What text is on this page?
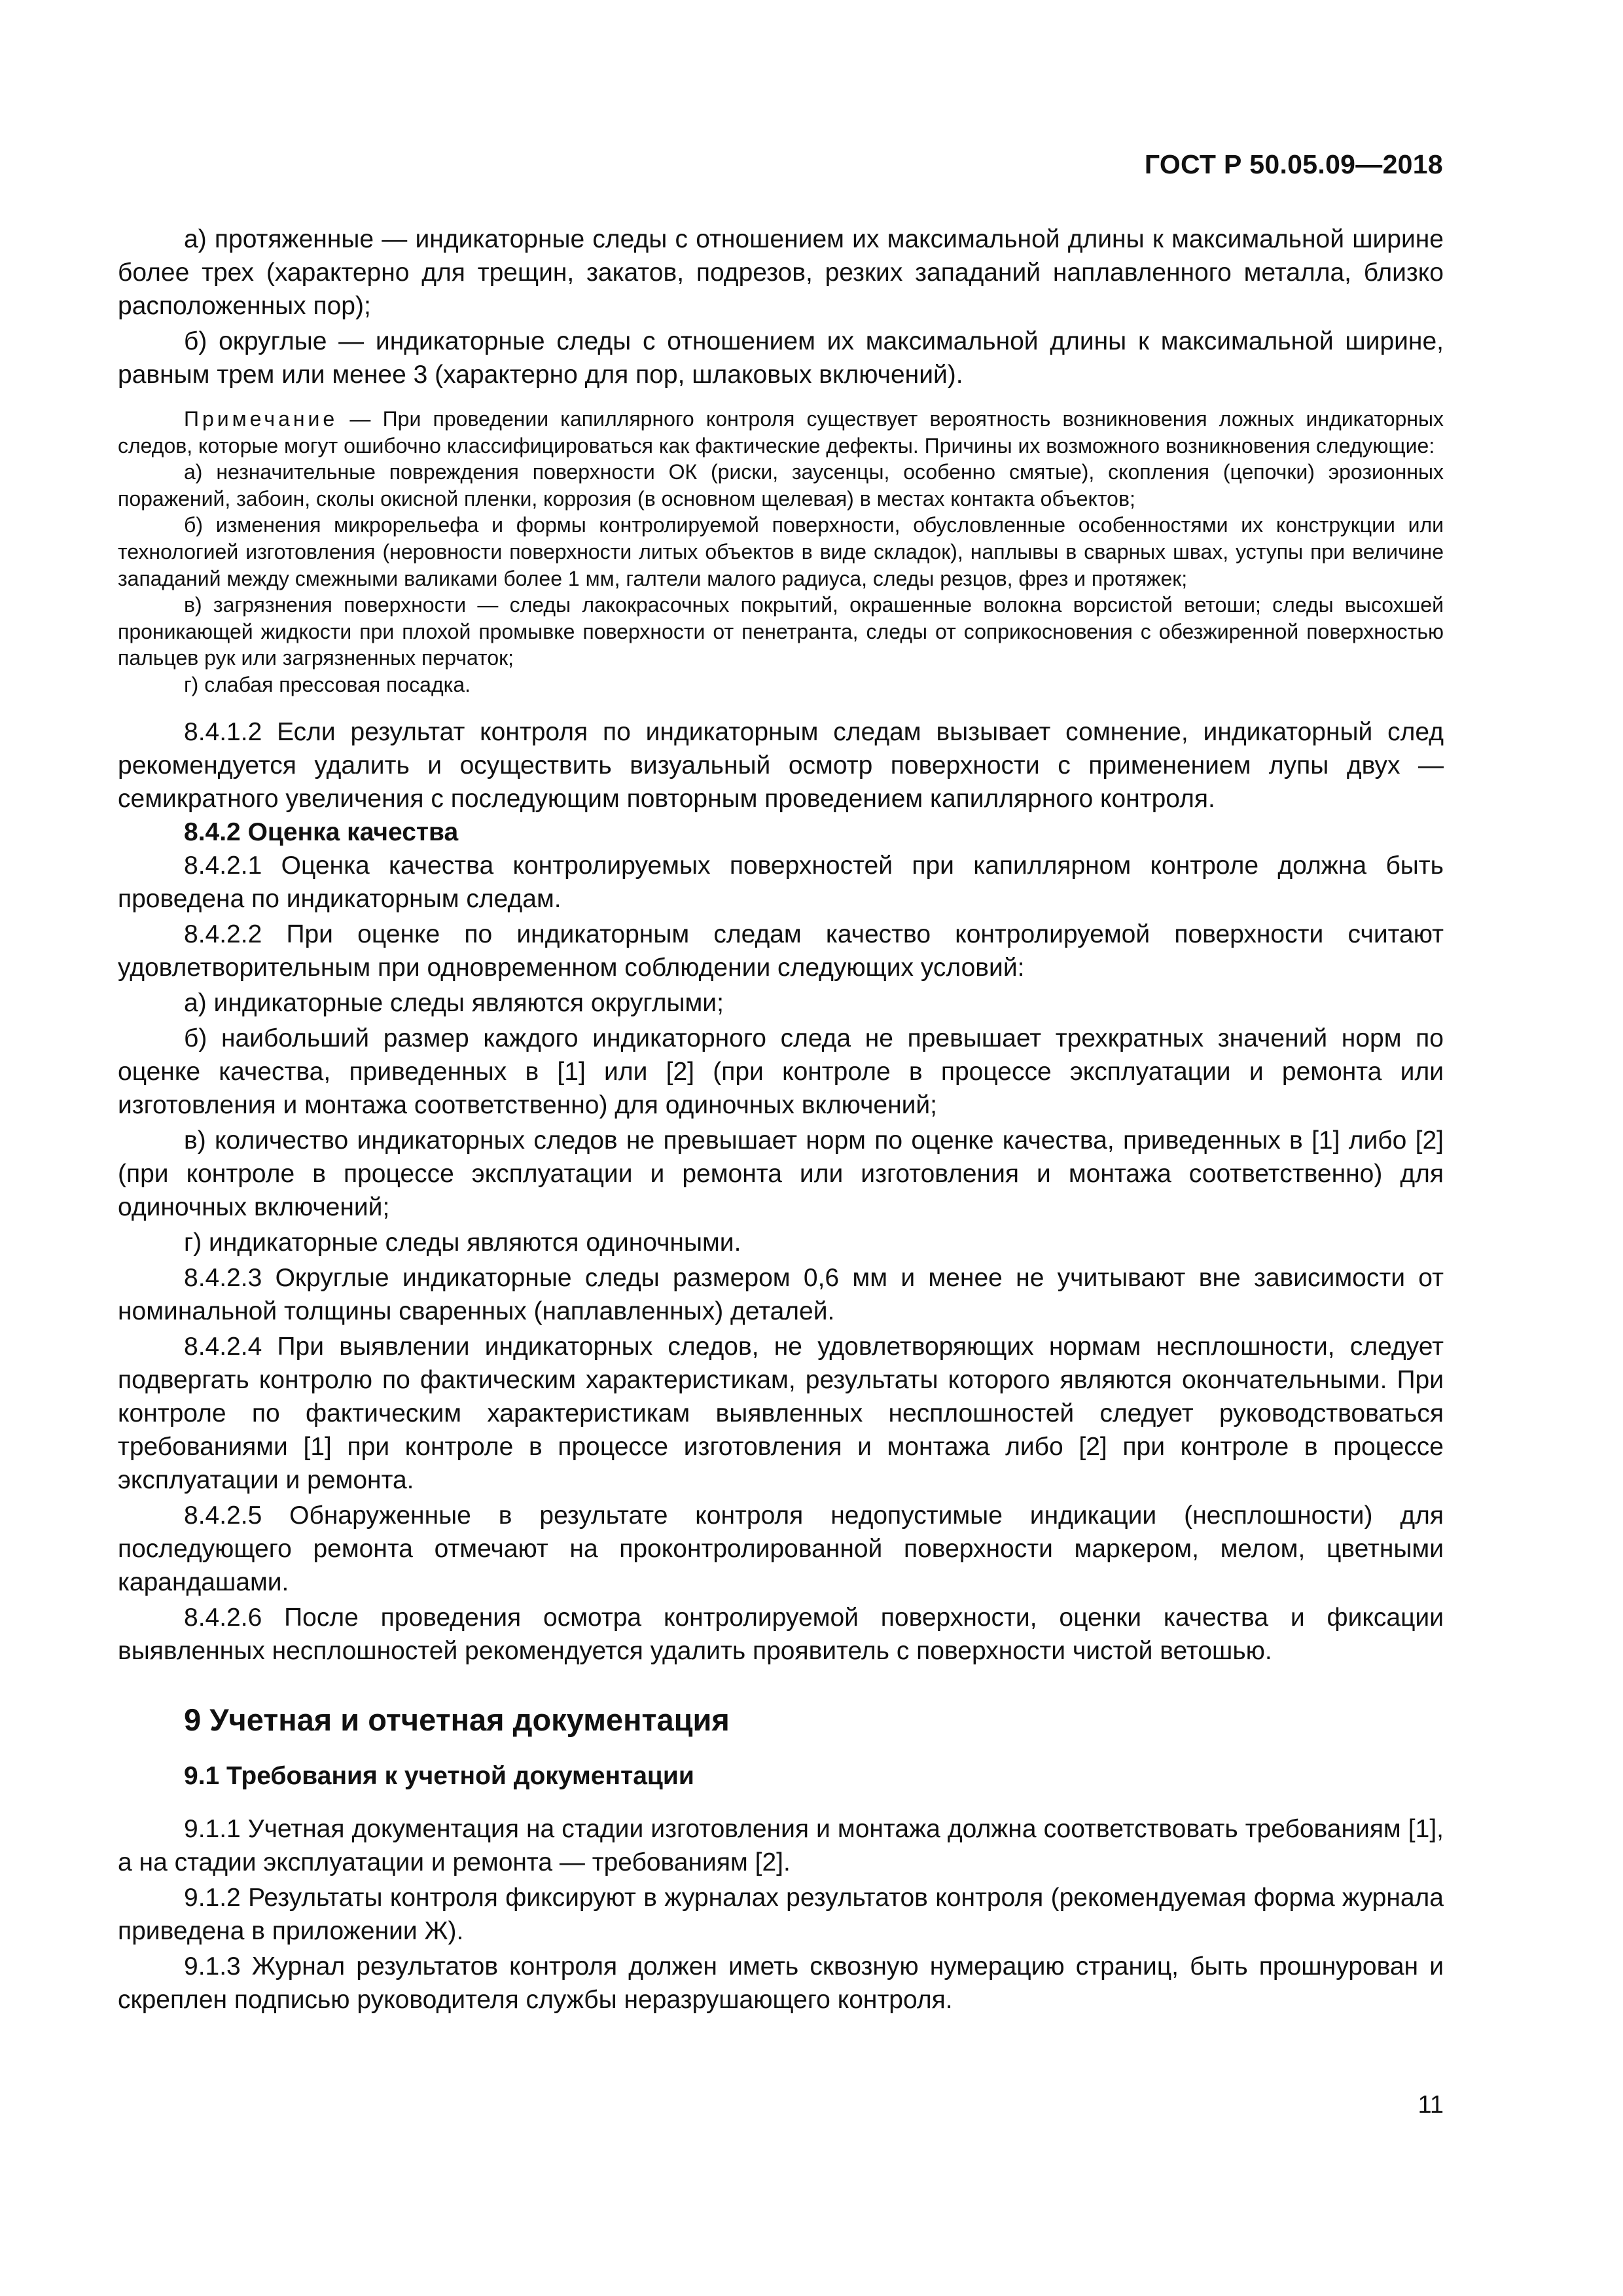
ГОСТ Р 50.05.09—2018

а) протяженные — индикаторные следы с отношением их максимальной длины к максимальной ширине более трех (характерно для трещин, закатов, подрезов, резких западаний наплавленного металла, близко расположенных пор);

б) округлые — индикаторные следы с отношением их максимальной длины к максимальной ширине, равным трем или менее 3 (характерно для пор, шлаковых включений).

Примечание — При проведении капиллярного контроля существует вероятность возникновения ложных индикаторных следов, которые могут ошибочно классифицироваться как фактические дефекты. Причины их возможного возникновения следующие:

а) незначительные повреждения поверхности ОК (риски, заусенцы, особенно смятые), скопления (цепочки) эрозионных поражений, забоин, сколы окисной пленки, коррозия (в основном щелевая) в местах контакта объектов;

б) изменения микрорельефа и формы контролируемой поверхности, обусловленные особенностями их конструкции или технологией изготовления (неровности поверхности литых объектов в виде складок), наплывы в сварных швах, уступы при величине западаний между смежными валиками более 1 мм, галтели малого радиуса, следы резцов, фрез и протяжек;

в) загрязнения поверхности — следы лакокрасочных покрытий, окрашенные волокна ворсистой ветоши; следы высохшей проникающей жидкости при плохой промывке поверхности от пенетранта, следы от соприкосновения с обезжиренной поверхностью пальцев рук или загрязненных перчаток;

г) слабая прессовая посадка.

8.4.1.2 Если результат контроля по индикаторным следам вызывает сомнение, индикаторный след рекомендуется удалить и осуществить визуальный осмотр поверхности с применением лупы двух — семикратного увеличения с последующим повторным проведением капиллярного контроля.

8.4.2 Оценка качества

8.4.2.1 Оценка качества контролируемых поверхностей при капиллярном контроле должна быть проведена по индикаторным следам.

8.4.2.2 При оценке по индикаторным следам качество контролируемой поверхности считают удовлетворительным при одновременном соблюдении следующих условий:

а) индикаторные следы являются округлыми;

б) наибольший размер каждого индикаторного следа не превышает трехкратных значений норм по оценке качества, приведенных в [1] или [2] (при контроле в процессе эксплуатации и ремонта или изготовления и монтажа соответственно) для одиночных включений;

в) количество индикаторных следов не превышает норм по оценке качества, приведенных в [1] либо [2] (при контроле в процессе эксплуатации и ремонта или изготовления и монтажа соответственно) для одиночных включений;

г) индикаторные следы являются одиночными.

8.4.2.3 Округлые индикаторные следы размером 0,6 мм и менее не учитывают вне зависимости от номинальной толщины сваренных (наплавленных) деталей.

8.4.2.4 При выявлении индикаторных следов, не удовлетворяющих нормам несплошности, следует подвергать контролю по фактическим характеристикам, результаты которого являются окончательными. При контроле по фактическим характеристикам выявленных несплошностей следует руководствоваться требованиями [1] при контроле в процессе изготовления и монтажа либо [2] при контроле в процессе эксплуатации и ремонта.

8.4.2.5 Обнаруженные в результате контроля недопустимые индикации (несплошности) для последующего ремонта отмечают на проконтролированной поверхности маркером, мелом, цветными карандашами.

8.4.2.6 После проведения осмотра контролируемой поверхности, оценки качества и фиксации выявленных несплошностей рекомендуется удалить проявитель с поверхности чистой ветошью.

9 Учетная и отчетная документация
9.1 Требования к учетной документации

9.1.1 Учетная документация на стадии изготовления и монтажа должна соответствовать требованиям [1], а на стадии эксплуатации и ремонта — требованиям [2].

9.1.2 Результаты контроля фиксируют в журналах результатов контроля (рекомендуемая форма журнала приведена в приложении Ж).

9.1.3 Журнал результатов контроля должен иметь сквозную нумерацию страниц, быть прошнурован и скреплен подписью руководителя службы неразрушающего контроля.

11
